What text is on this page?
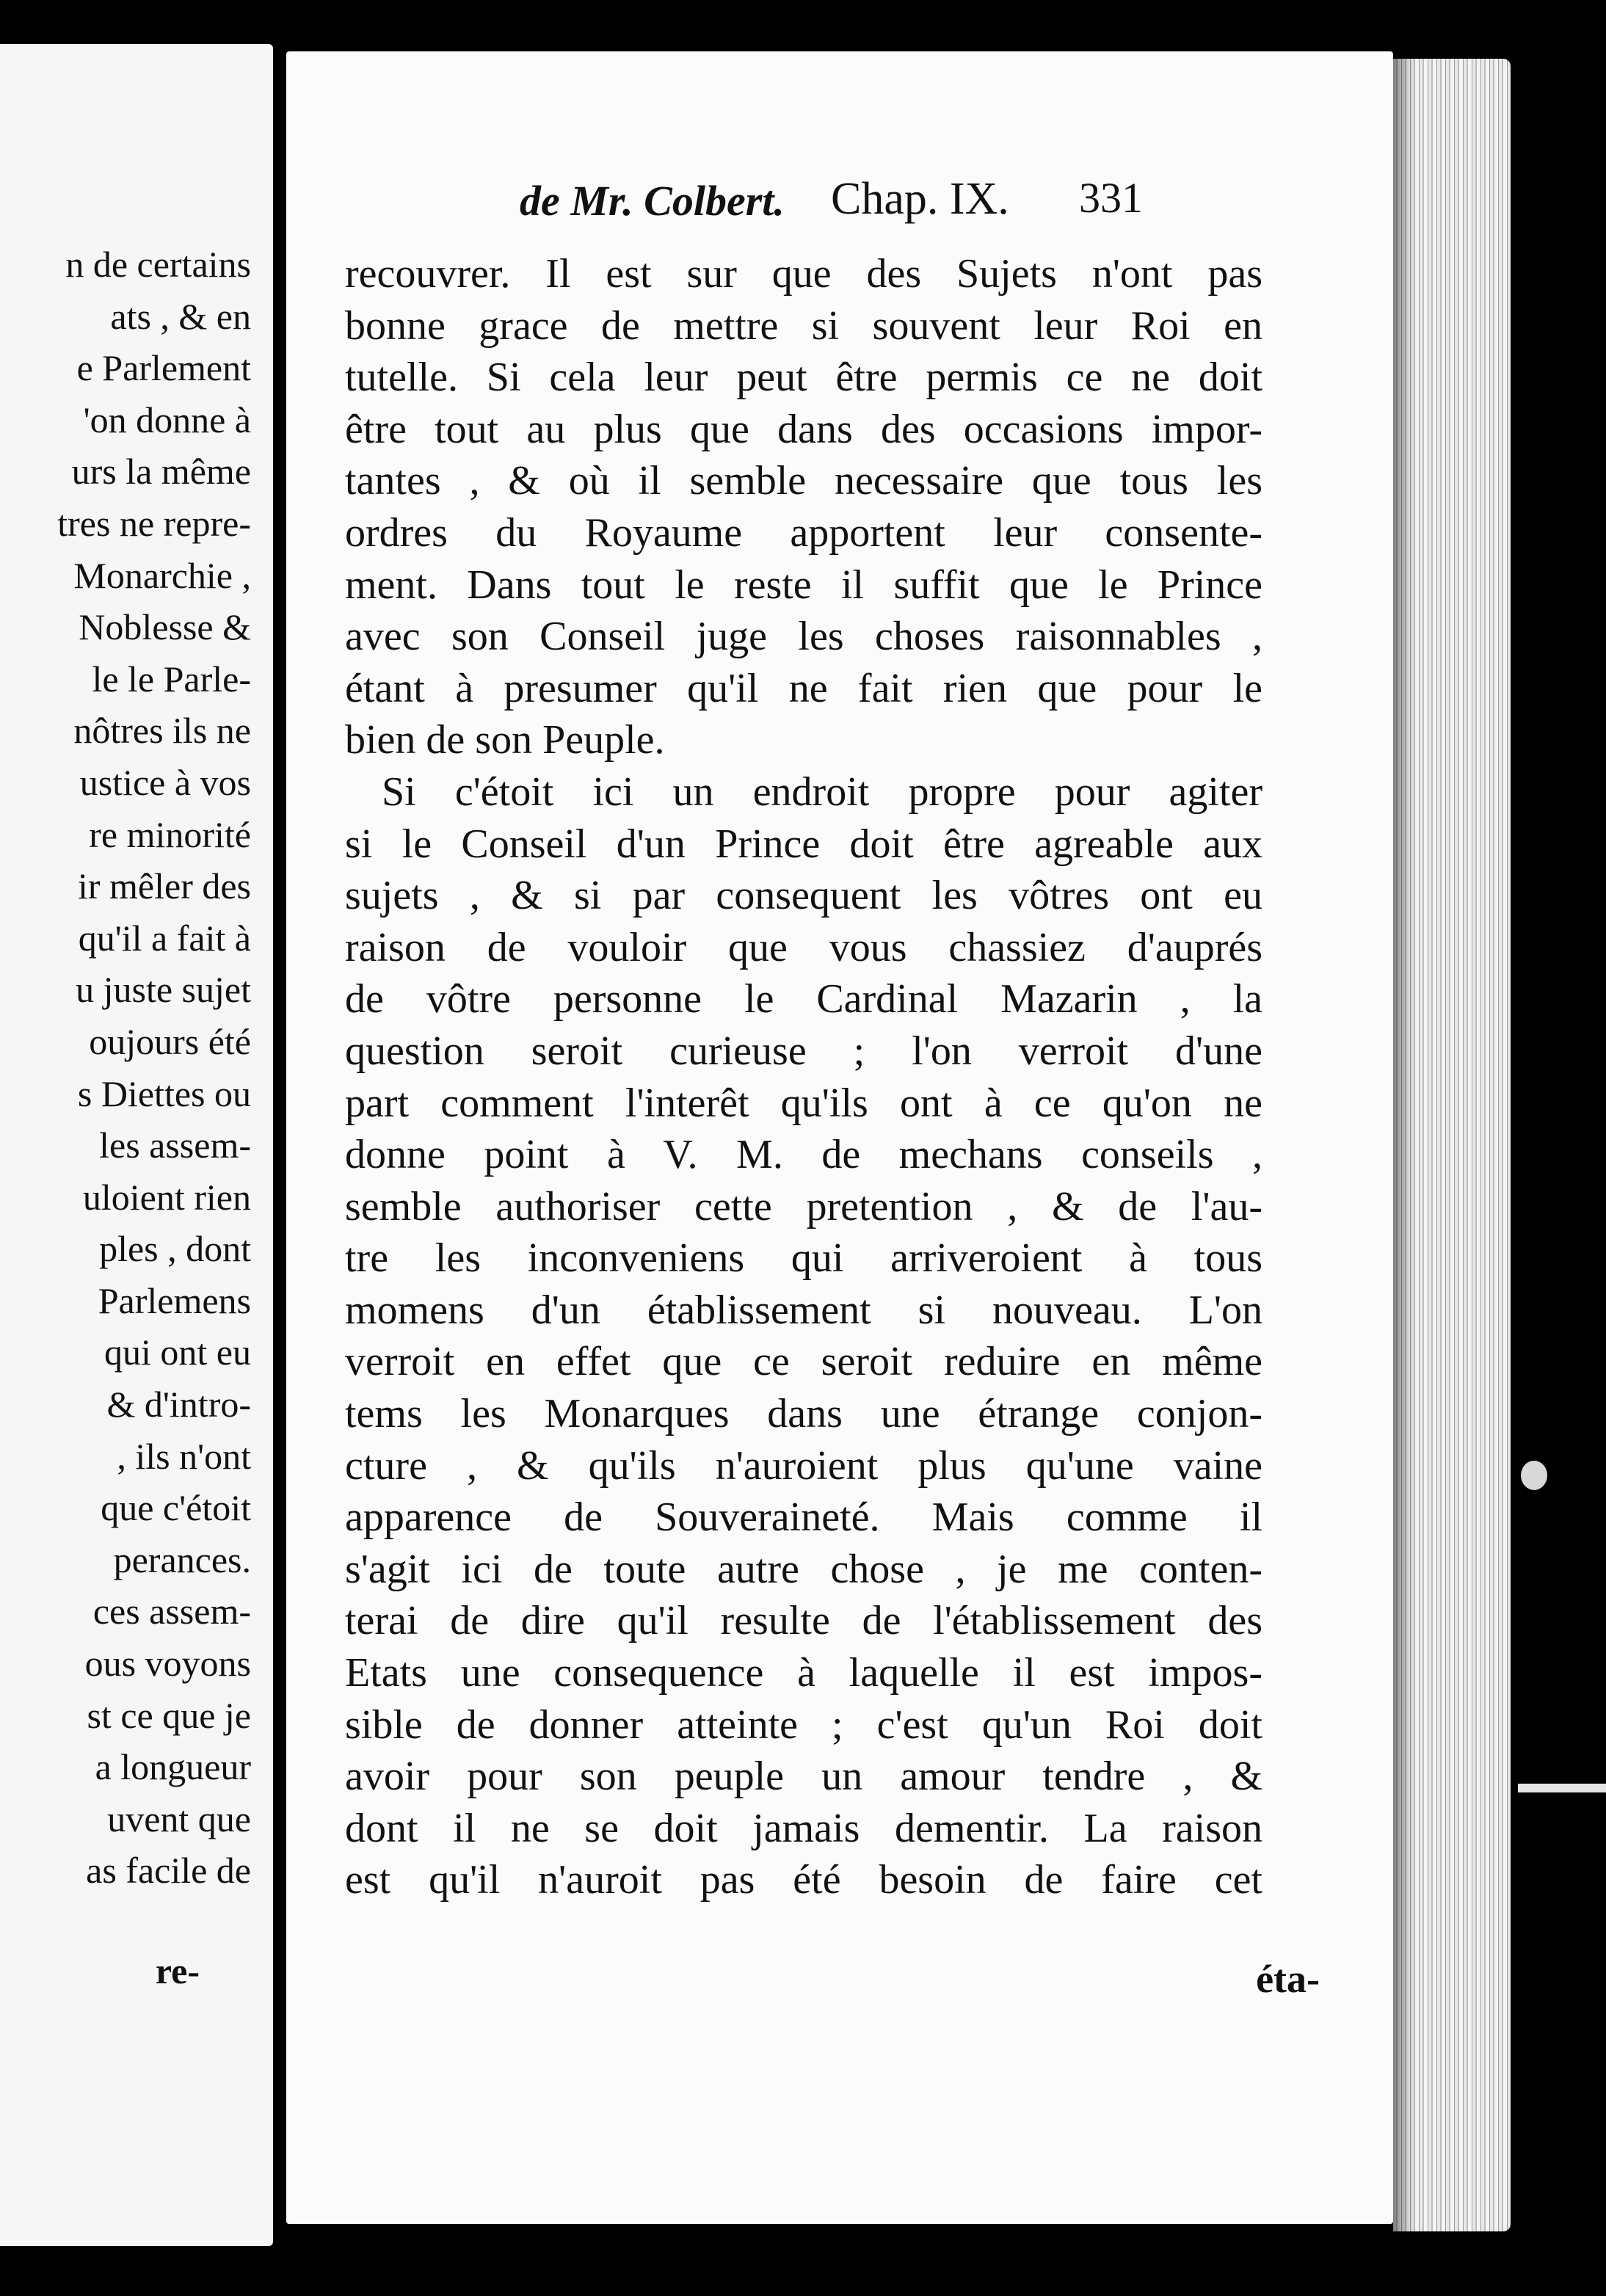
n de certains
ats , & en
e Parlement
'on donne à
urs la même
tres ne repre-
Monarchie ,
Noblesse &
le le Parle-
nôtres ils ne
ustice à vos
re minorité
ir mêler des
qu'il a fait à
u juste sujet
oujours été
s Diettes ou
les assem-
uloient rien
ples , dont
Parlemens
qui ont eu
& d'intro-
, ils n'ont
que c'étoit
perances.
ces assem-
ous voyons
st ce que je
a longueur
uvent que
as facile de
re-
de Mr. Colbert. Chap. IX. 331
recouvrer. Il est sur que des Sujets n'ont pas
bonne grace de mettre si souvent leur Roi en
tutelle. Si cela leur peut être permis ce ne doit
être tout au plus que dans des occasions impor-
tantes , & où il semble necessaire que tous les
ordres du Royaume apportent leur consente-
ment. Dans tout le reste il suffit que le Prince
avec son Conseil juge les choses raisonnables ,
étant à presumer qu'il ne fait rien que pour le
bien de son Peuple.
Si c'étoit ici un endroit propre pour agiter
si le Conseil d'un Prince doit être agreable aux
sujets , & si par consequent les vôtres ont eu
raison de vouloir que vous chassiez d'auprés
de vôtre personne le Cardinal Mazarin , la
question seroit curieuse ; l'on verroit d'une
part comment l'interêt qu'ils ont à ce qu'on ne
donne point à V. M. de mechans conseils ,
semble authoriser cette pretention , & de l'au-
tre les inconveniens qui arriveroient à tous
momens d'un établissement si nouveau. L'on
verroit en effet que ce seroit reduire en même
tems les Monarques dans une étrange conjon-
cture , & qu'ils n'auroient plus qu'une vaine
apparence de Souveraineté. Mais comme il
s'agit ici de toute autre chose , je me conten-
terai de dire qu'il resulte de l'établissement des
Etats une consequence à laquelle il est impos-
sible de donner atteinte ; c'est qu'un Roi doit
avoir pour son peuple un amour tendre , &
dont il ne se doit jamais dementir. La raison
est qu'il n'auroit pas été besoin de faire cet
éta-
